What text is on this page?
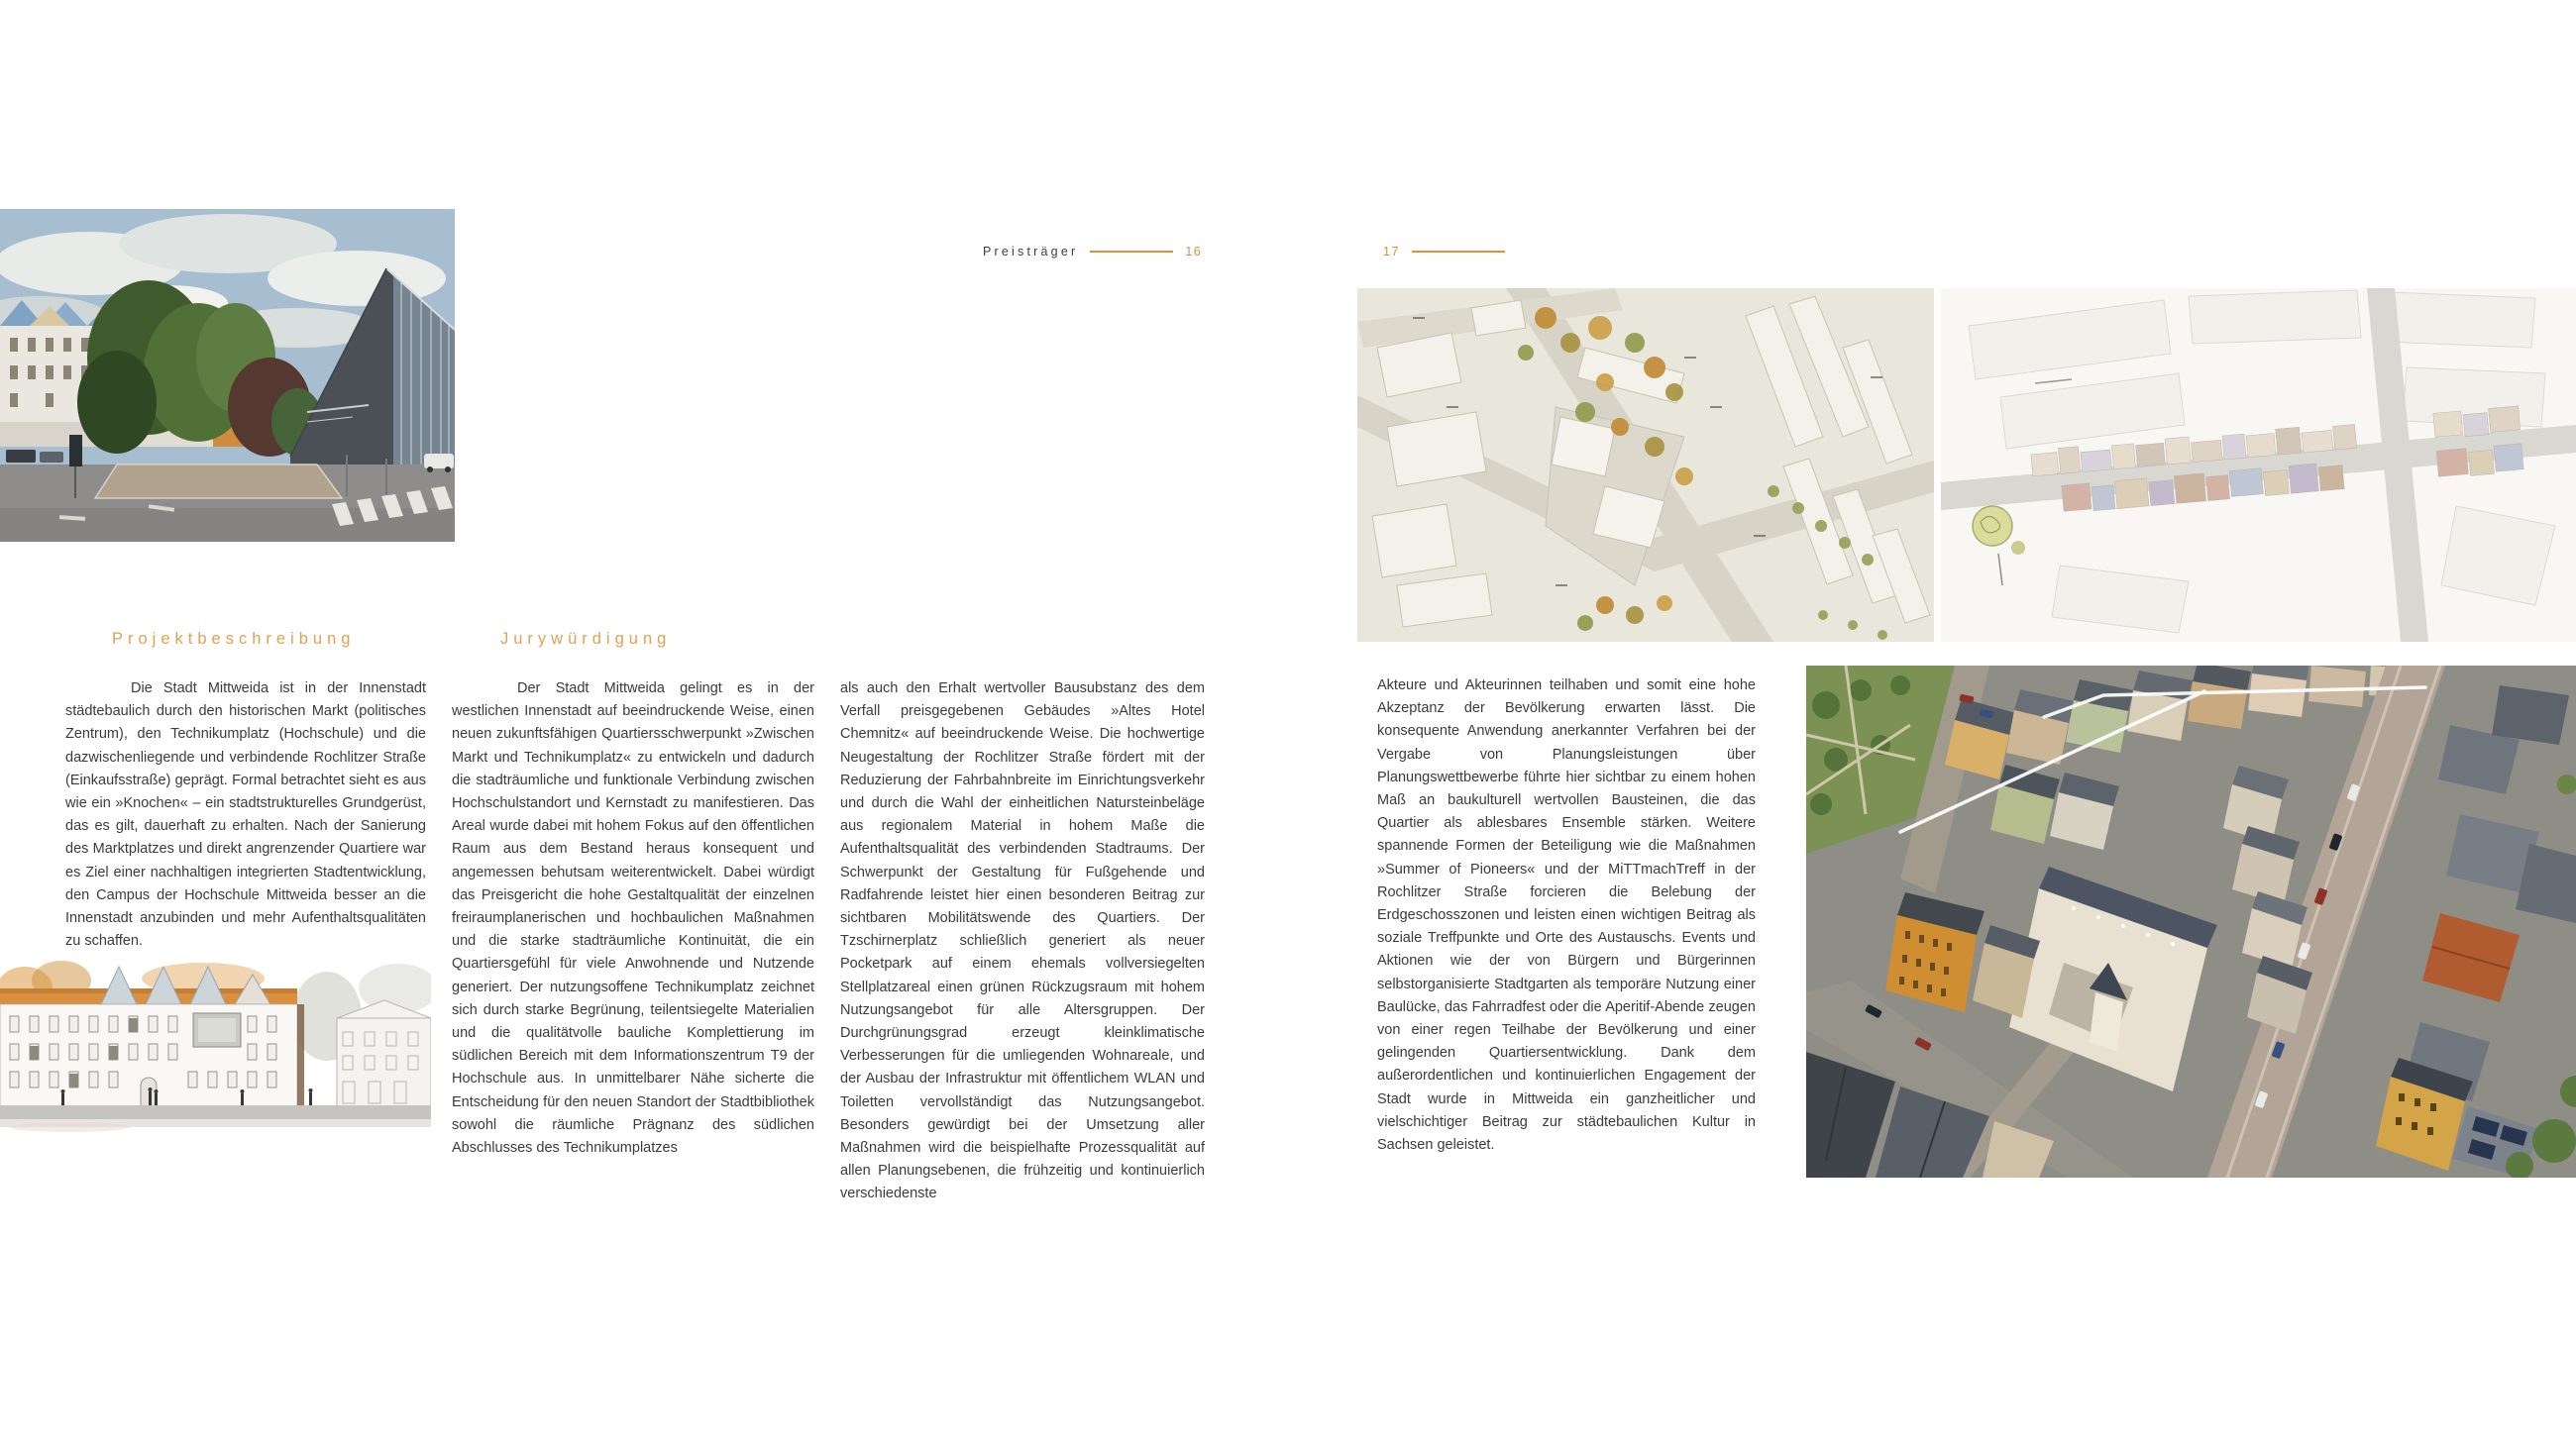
Preisträger	16	17
Projektbeschreibung	Jurywürdigung

Die Stadt Mittweida ist in der Innenstadt städtebaulich durch den historischen Markt (politisches Zentrum), den Technikumplatz (Hochschule) und die dazwischenliegende und verbindende Rochlitzer Straße (Einkaufsstraße) geprägt. Formal betrachtet sieht es aus wie ein »Knochen« – ein stadtstrukturelles Grundgerüst, das es gilt, dauerhaft zu erhalten. Nach der Sanierung des Marktplatzes und direkt angrenzender Quartiere war es Ziel einer nachhaltigen integrierten Stadtentwicklung, den Campus der Hochschule Mittweida besser an die Innenstadt anzubinden und mehr Aufenthaltsqualitäten zu schaffen.

Der Stadt Mittweida gelingt es in der westlichen Innenstadt auf beeindruckende Weise, einen neuen zukunftsfähigen Quartiersschwerpunkt »Zwischen Markt und Technikumplatz« zu entwickeln und dadurch die stadträumliche und funktionale Verbindung zwischen Hochschulstandort und Kernstadt zu manifestieren. Das Areal wurde dabei mit hohem Fokus auf den öffentlichen Raum aus dem Bestand heraus konsequent und angemessen behutsam weiterentwickelt. Dabei würdigt das Preisgericht die hohe Gestaltqualität der einzelnen freiraumplanerischen und hochbaulichen Maßnahmen und die starke stadträumliche Kontinuität, die ein Quartiersgefühl für viele Anwohnende und Nutzende generiert. Der nutzungsoffene Technikumplatz zeichnet sich durch starke Begrünung, teilentsiegelte Materialien und die qualitätvolle bauliche Komplettierung im südlichen Bereich mit dem Informationszentrum T9 der Hochschule aus. In unmittelbarer Nähe sicherte die Entscheidung für den neuen Standort der Stadtbibliothek sowohl die räumliche Prägnanz des südlichen Abschlusses des Technikumplatzes

als auch den Erhalt wertvoller Bausubstanz des dem Verfall preisgegebenen Gebäudes »Altes Hotel Chemnitz« auf beeindruckende Weise. Die hochwertige Neugestaltung der Rochlitzer Straße fördert mit der Reduzierung der Fahrbahnbreite im Einrichtungsverkehr und durch die Wahl der einheitlichen Natursteinbeläge aus regionalem Material in hohem Maße die Aufenthaltsqualität des verbindenden Stadtraums. Der Schwerpunkt der Gestaltung für Fußgehende und Radfahrende leistet hier einen besonderen Beitrag zur sichtbaren Mobilitätswende des Quartiers. Der Tzschirnerplatz schließlich generiert als neuer Pocketpark auf einem ehemals vollversiegelten Stellplatzareal einen grünen Rückzugsraum mit hohem Nutzungsangebot für alle Altersgruppen. Der Durchgrünungsgrad erzeugt kleinklimatische Verbesserungen für die umliegenden Wohnareale, und der Ausbau der Infrastruktur mit öffentlichem WLAN und Toiletten vervollständigt das Nutzungsangebot. Besonders gewürdigt bei der Umsetzung aller Maßnahmen wird die beispielhafte Prozessqualität auf allen Planungsebenen, die frühzeitig und kontinuierlich verschiedenste

Akteure und Akteurinnen teilhaben und somit eine hohe Akzeptanz der Bevölkerung erwarten lässt. Die konsequente Anwendung anerkannter Verfahren bei der Vergabe von Planungsleistungen über Planungswettbewerbe führte hier sichtbar zu einem hohen Maß an baukulturell wertvollen Bausteinen, die das Quartier als ablesbares Ensemble stärken. Weitere spannende Formen der Beteiligung wie die Maßnahmen »Summer of Pioneers« und der MiTTmachTreff in der Rochlitzer Straße forcieren die Belebung der Erdgeschosszonen und leisten einen wichtigen Beitrag als soziale Treffpunkte und Orte des Austauschs. Events und Aktionen wie der von Bürgern und Bürgerinnen selbstorganisierte Stadtgarten als temporäre Nutzung einer Baulücke, das Fahrradfest oder die Aperitif-Abende zeugen von einer regen Teilhabe der Bevölkerung und einer gelingenden Quartiersentwicklung. Dank dem außerordentlichen und kontinuierlichen Engagement der Stadt wurde in Mittweida ein ganzheitlicher und vielschichtiger Beitrag zur städtebaulichen Kultur in Sachsen geleistet.
